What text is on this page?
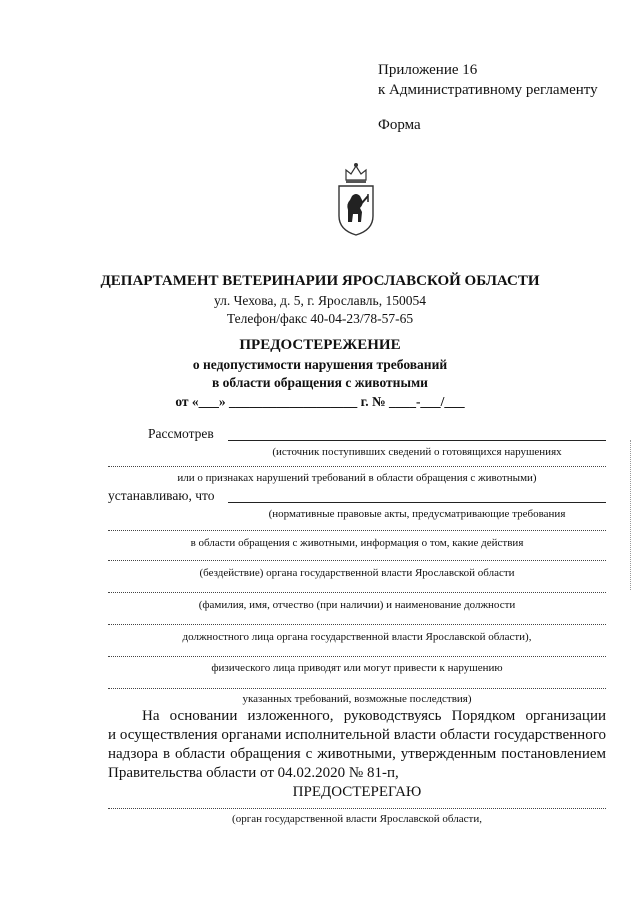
Приложение 16
к Административному регламенту
Форма
ДЕПАРТАМЕНТ ВЕТЕРИНАРИИ ЯРОСЛАВСКОЙ ОБЛАСТИ
ул. Чехова, д. 5, г. Ярославль, 150054
Телефон/факс 40-04-23/78-57-65
ПРЕДОСТЕРЕЖЕНИЕ
о недопустимости нарушения требований
в области обращения с животными
от «___» ___________________ г. № ____-___/___
Рассмотрев
(источник поступивших сведений о готовящихся нарушениях
или о признаках нарушений требований в области обращения с животными)
устанавливаю, что
(нормативные правовые акты, предусматривающие требования
в области обращения с животными, информация о том, какие действия
(бездействие) органа государственной власти Ярославской области
(фамилия, имя, отчество (при наличии) и наименование должности
должностного лица органа государственной власти Ярославской области),
физического лица приводят или могут привести к нарушению
указанных требований, возможные последствия)
На основании изложенного, руководствуясь Порядком организации
и осуществления органами исполнительной власти области государственного
надзора в области обращения с животными, утвержденным постановлением
Правительства области от 04.02.2020 № 81-п,
ПРЕДОСТЕРЕГАЮ
(орган государственной власти Ярославской области,
